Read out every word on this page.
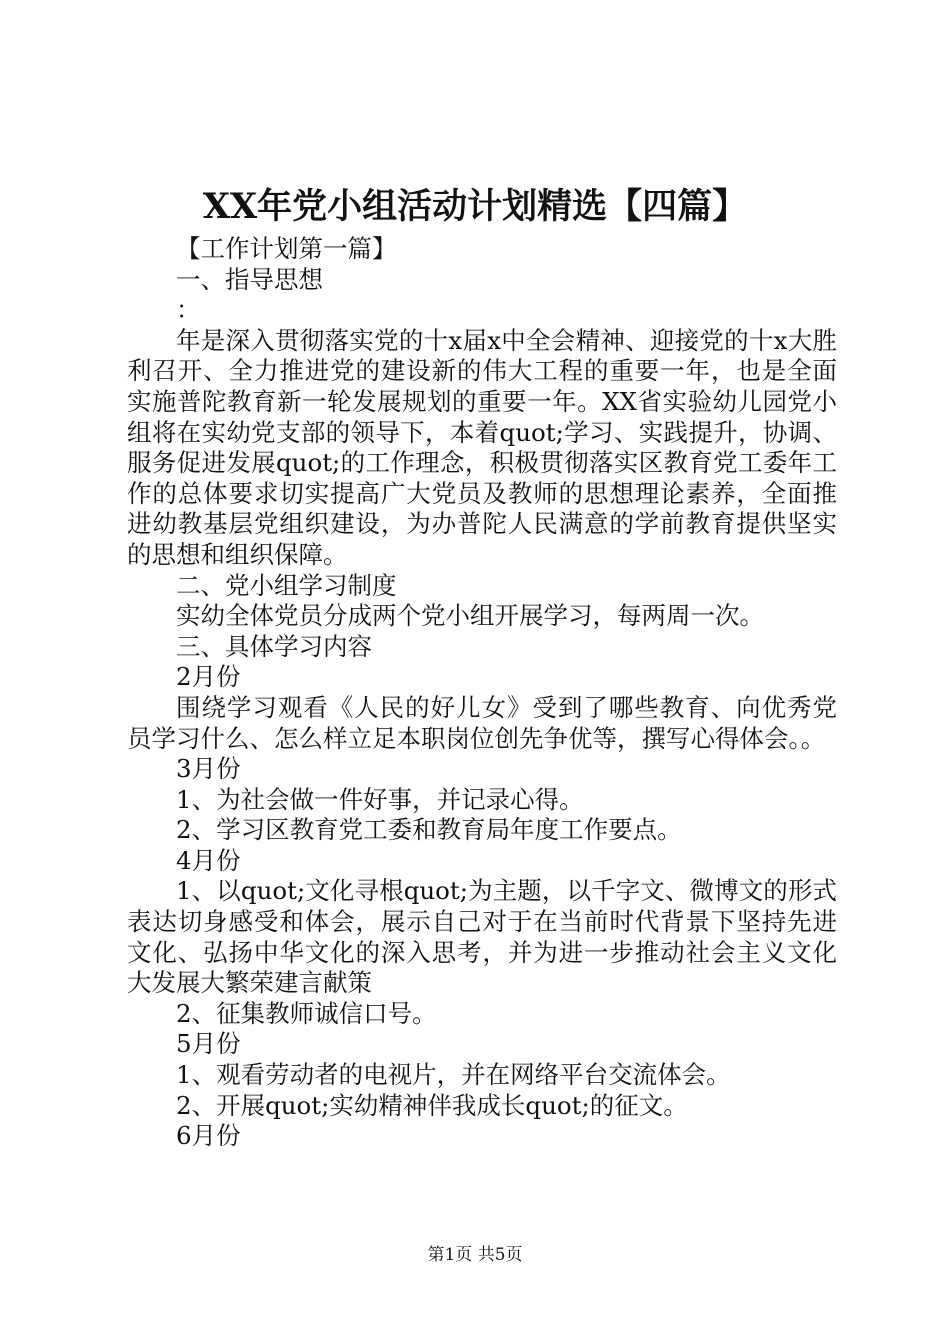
XX年党小组活动计划精选【四篇】

【工作计划第一篇】

一、指导思想

：

年是深入贯彻落实党的十x届x中全会精神、迎接党的十x大胜利召开、全力推进党的建设新的伟大工程的重要一年，也是全面实施普陀教育新一轮发展规划的重要一年。XX省实验幼儿园党小组将在实幼党支部的领导下，本着quot;学习、实践提升，协调、服务促进发展quot;的工作理念，积极贯彻落实区教育党工委年工作的总体要求切实提高广大党员及教师的思想理论素养，全面推进幼教基层党组织建设，为办普陀人民满意的学前教育提供坚实的思想和组织保障。

二、党小组学习制度

实幼全体党员分成两个党小组开展学习，每两周一次。

三、具体学习内容

2月份

围绕学习观看《人民的好儿女》受到了哪些教育、向优秀党员学习什么、怎么样立足本职岗位创先争优等，撰写心得体会。。

3月份

1、为社会做一件好事，并记录心得。

2、学习区教育党工委和教育局年度工作要点。

4月份

1、以quot;文化寻根quot;为主题，以千字文、微博文的形式表达切身感受和体会，展示自己对于在当前时代背景下坚持先进文化、弘扬中华文化的深入思考，并为进一步推动社会主义文化大发展大繁荣建言献策

2、征集教师诚信口号。

5月份

1、观看劳动者的电视片，并在网络平台交流体会。

2、开展quot;实幼精神伴我成长quot;的征文。

6月份

第1页 共5页
